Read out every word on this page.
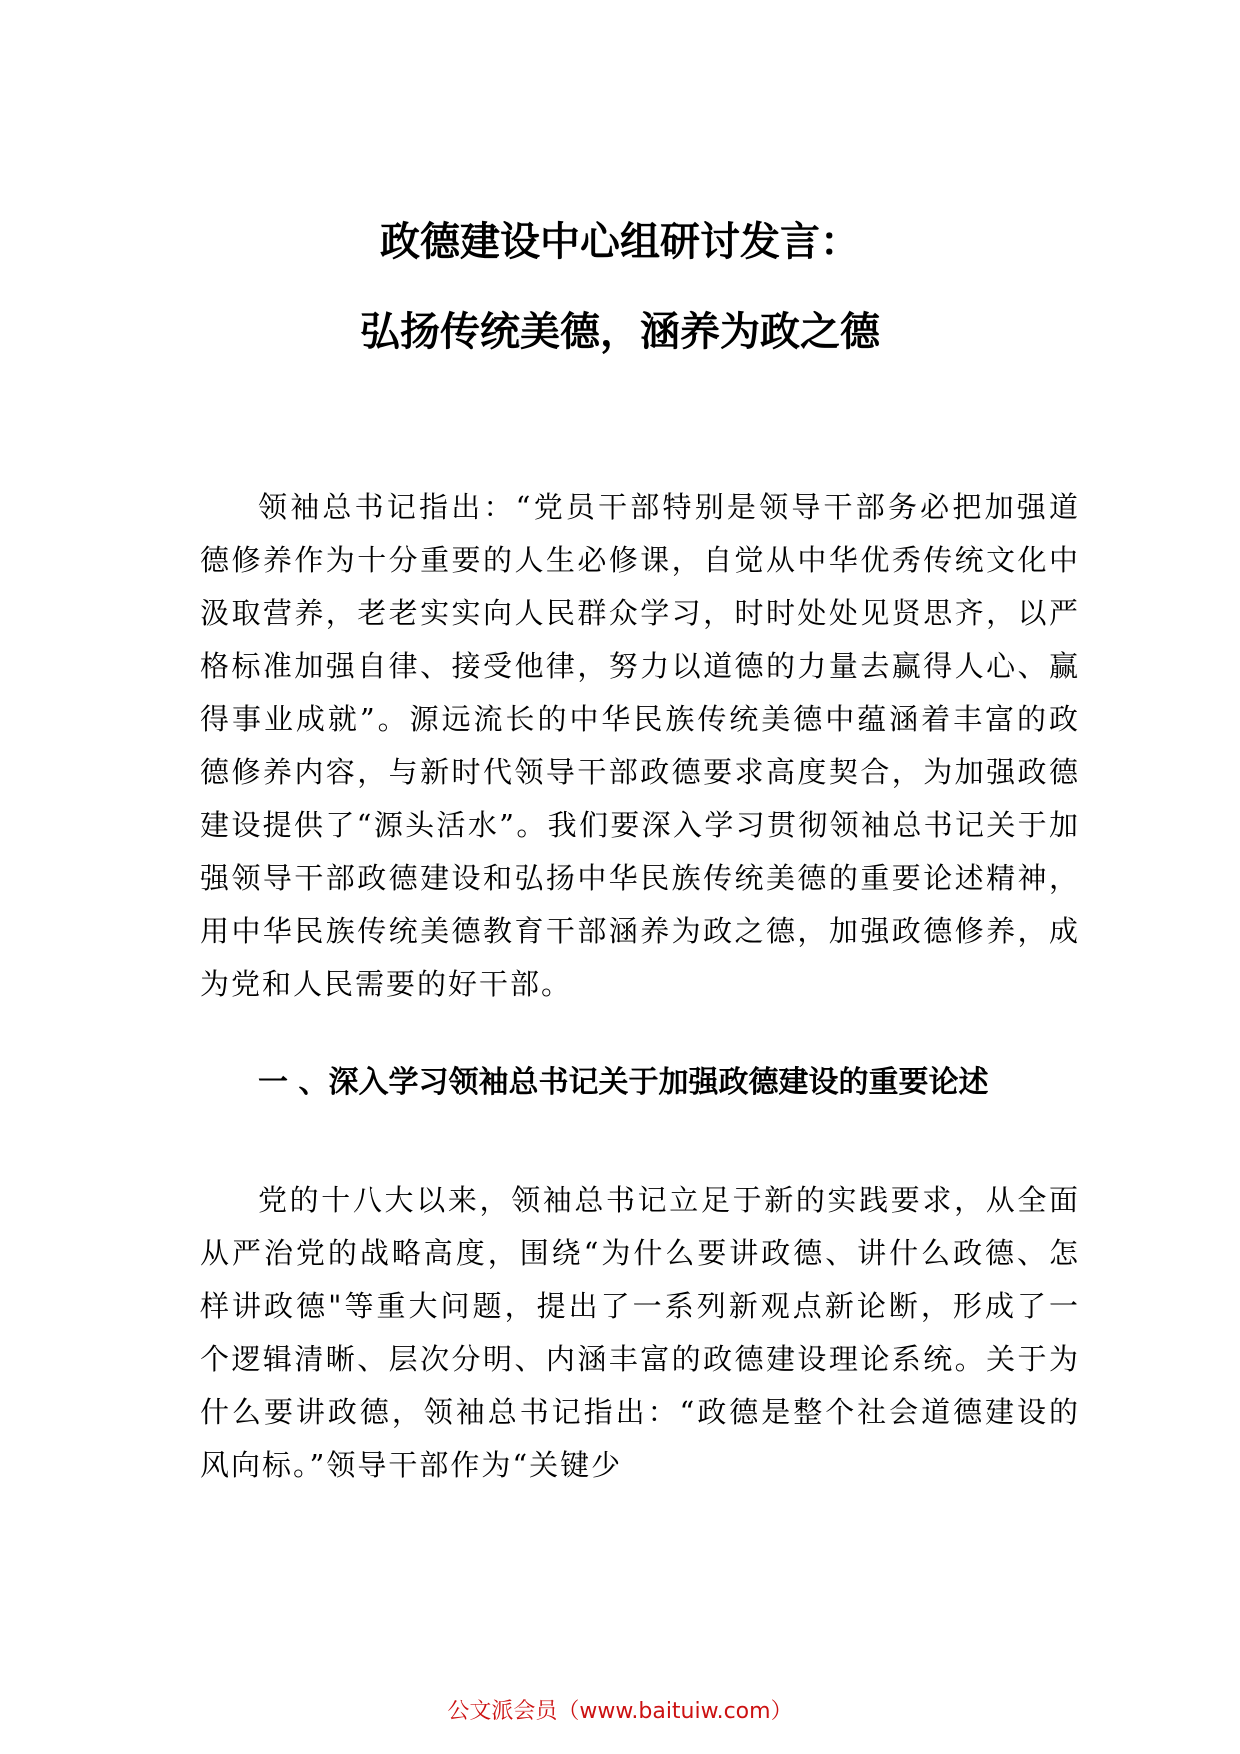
政德建设中心组研讨发言：
弘扬传统美德，涵养为政之德

领袖总书记指出：“党员干部特别是领导干部务必把加强道德修养作为十分重要的人生必修课，自觉从中华优秀传统文化中汲取营养，老老实实向人民群众学习，时时处处见贤思齐，以严格标准加强自律、接受他律，努力以道德的力量去赢得人心、赢得事业成就”。源远流长的中华民族传统美德中蕴涵着丰富的政德修养内容，与新时代领导干部政德要求高度契合，为加强政德建设提供了“源头活水”。我们要深入学习贯彻领袖总书记关于加强领导干部政德建设和弘扬中华民族传统美德的重要论述精神，用中华民族传统美德教育干部涵养为政之德，加强政德修养，成为党和人民需要的好干部。

一 、深入学习领袖总书记关于加强政德建设的重要论述

党的十八大以来，领袖总书记立足于新的实践要求，从全面从严治党的战略高度，围绕“为什么要讲政德、讲什么政德、怎样讲政德"等重大问题，提出了一系列新观点新论断，形成了一个逻辑清晰、层次分明、内涵丰富的政德建设理论系统。关于为什么要讲政德，领袖总书记指出：“政德是整个社会道德建设的风向标。”领导干部作为“关键少

公文派会员（www.baituiw.com）
